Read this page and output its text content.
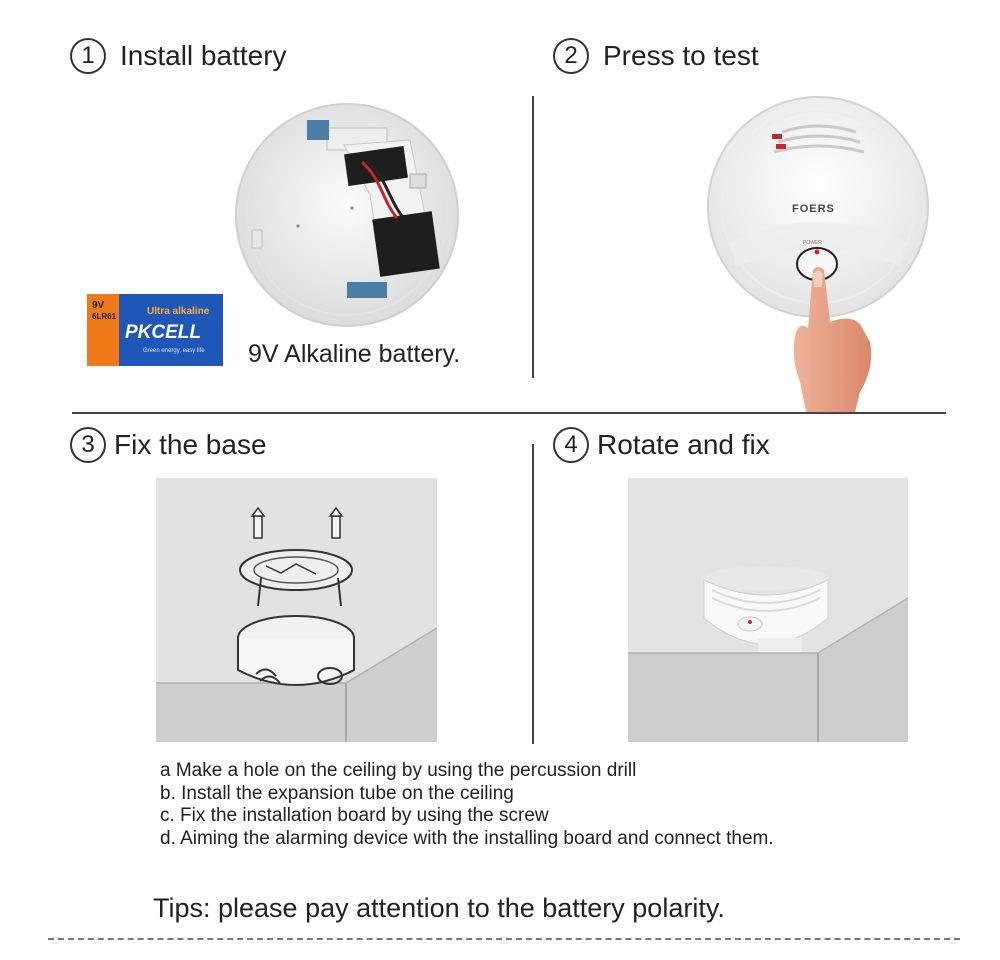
1 Install battery	2 Press to test
3 Fix the base	4 Rotate and fix
9V
6LR61	Ultra alkaline
PKCELL
Green energy, easy life 9V Alkaline battery.
FOERS
POWER
a Make a hole on the ceiling by using the percussion drill
b. Install the expansion tube on the ceiling
c. Fix the installation board by using the screw
d. Aiming the alarming device with the installing board and connect them.
Tips: please pay attention to the battery polarity.
